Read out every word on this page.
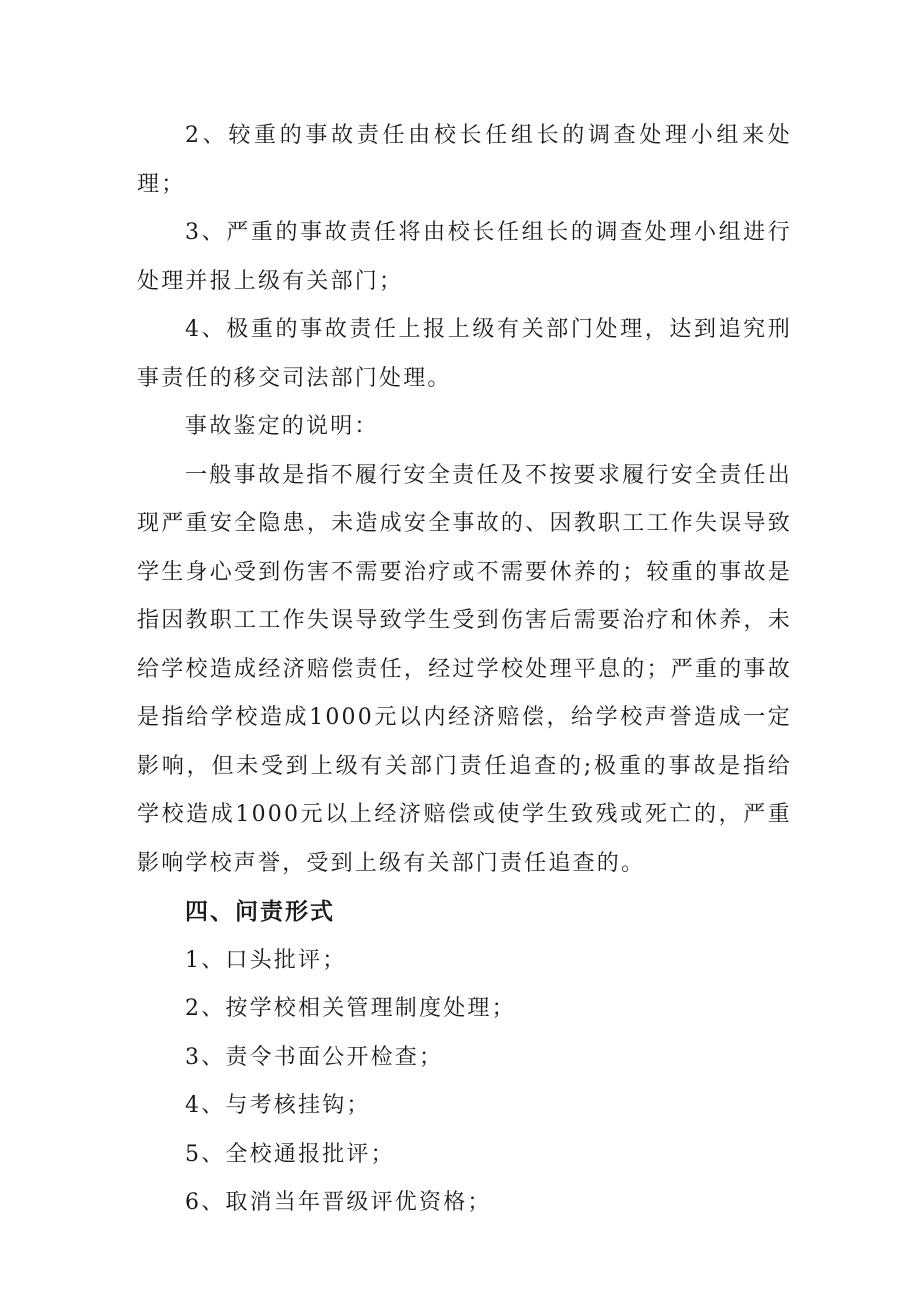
2、较重的事故责任由校长任组长的调查处理小组来处理；

3、严重的事故责任将由校长任组长的调查处理小组进行处理并报上级有关部门；

4、极重的事故责任上报上级有关部门处理，达到追究刑事责任的移交司法部门处理。

事故鉴定的说明：

一般事故是指不履行安全责任及不按要求履行安全责任出现严重安全隐患，未造成安全事故的、因教职工工作失误导致学生身心受到伤害不需要治疗或不需要休养的；较重的事故是指因教职工工作失误导致学生受到伤害后需要治疗和休养，未给学校造成经济赔偿责任，经过学校处理平息的；严重的事故是指给学校造成1000元以内经济赔偿，给学校声誉造成一定影响，但未受到上级有关部门责任追查的;极重的事故是指给学校造成1000元以上经济赔偿或使学生致残或死亡的，严重影响学校声誉，受到上级有关部门责任追查的。

四、问责形式

1、口头批评；

2、按学校相关管理制度处理；

3、责令书面公开检查；

4、与考核挂钩；

5、全校通报批评；

6、取消当年晋级评优资格；
